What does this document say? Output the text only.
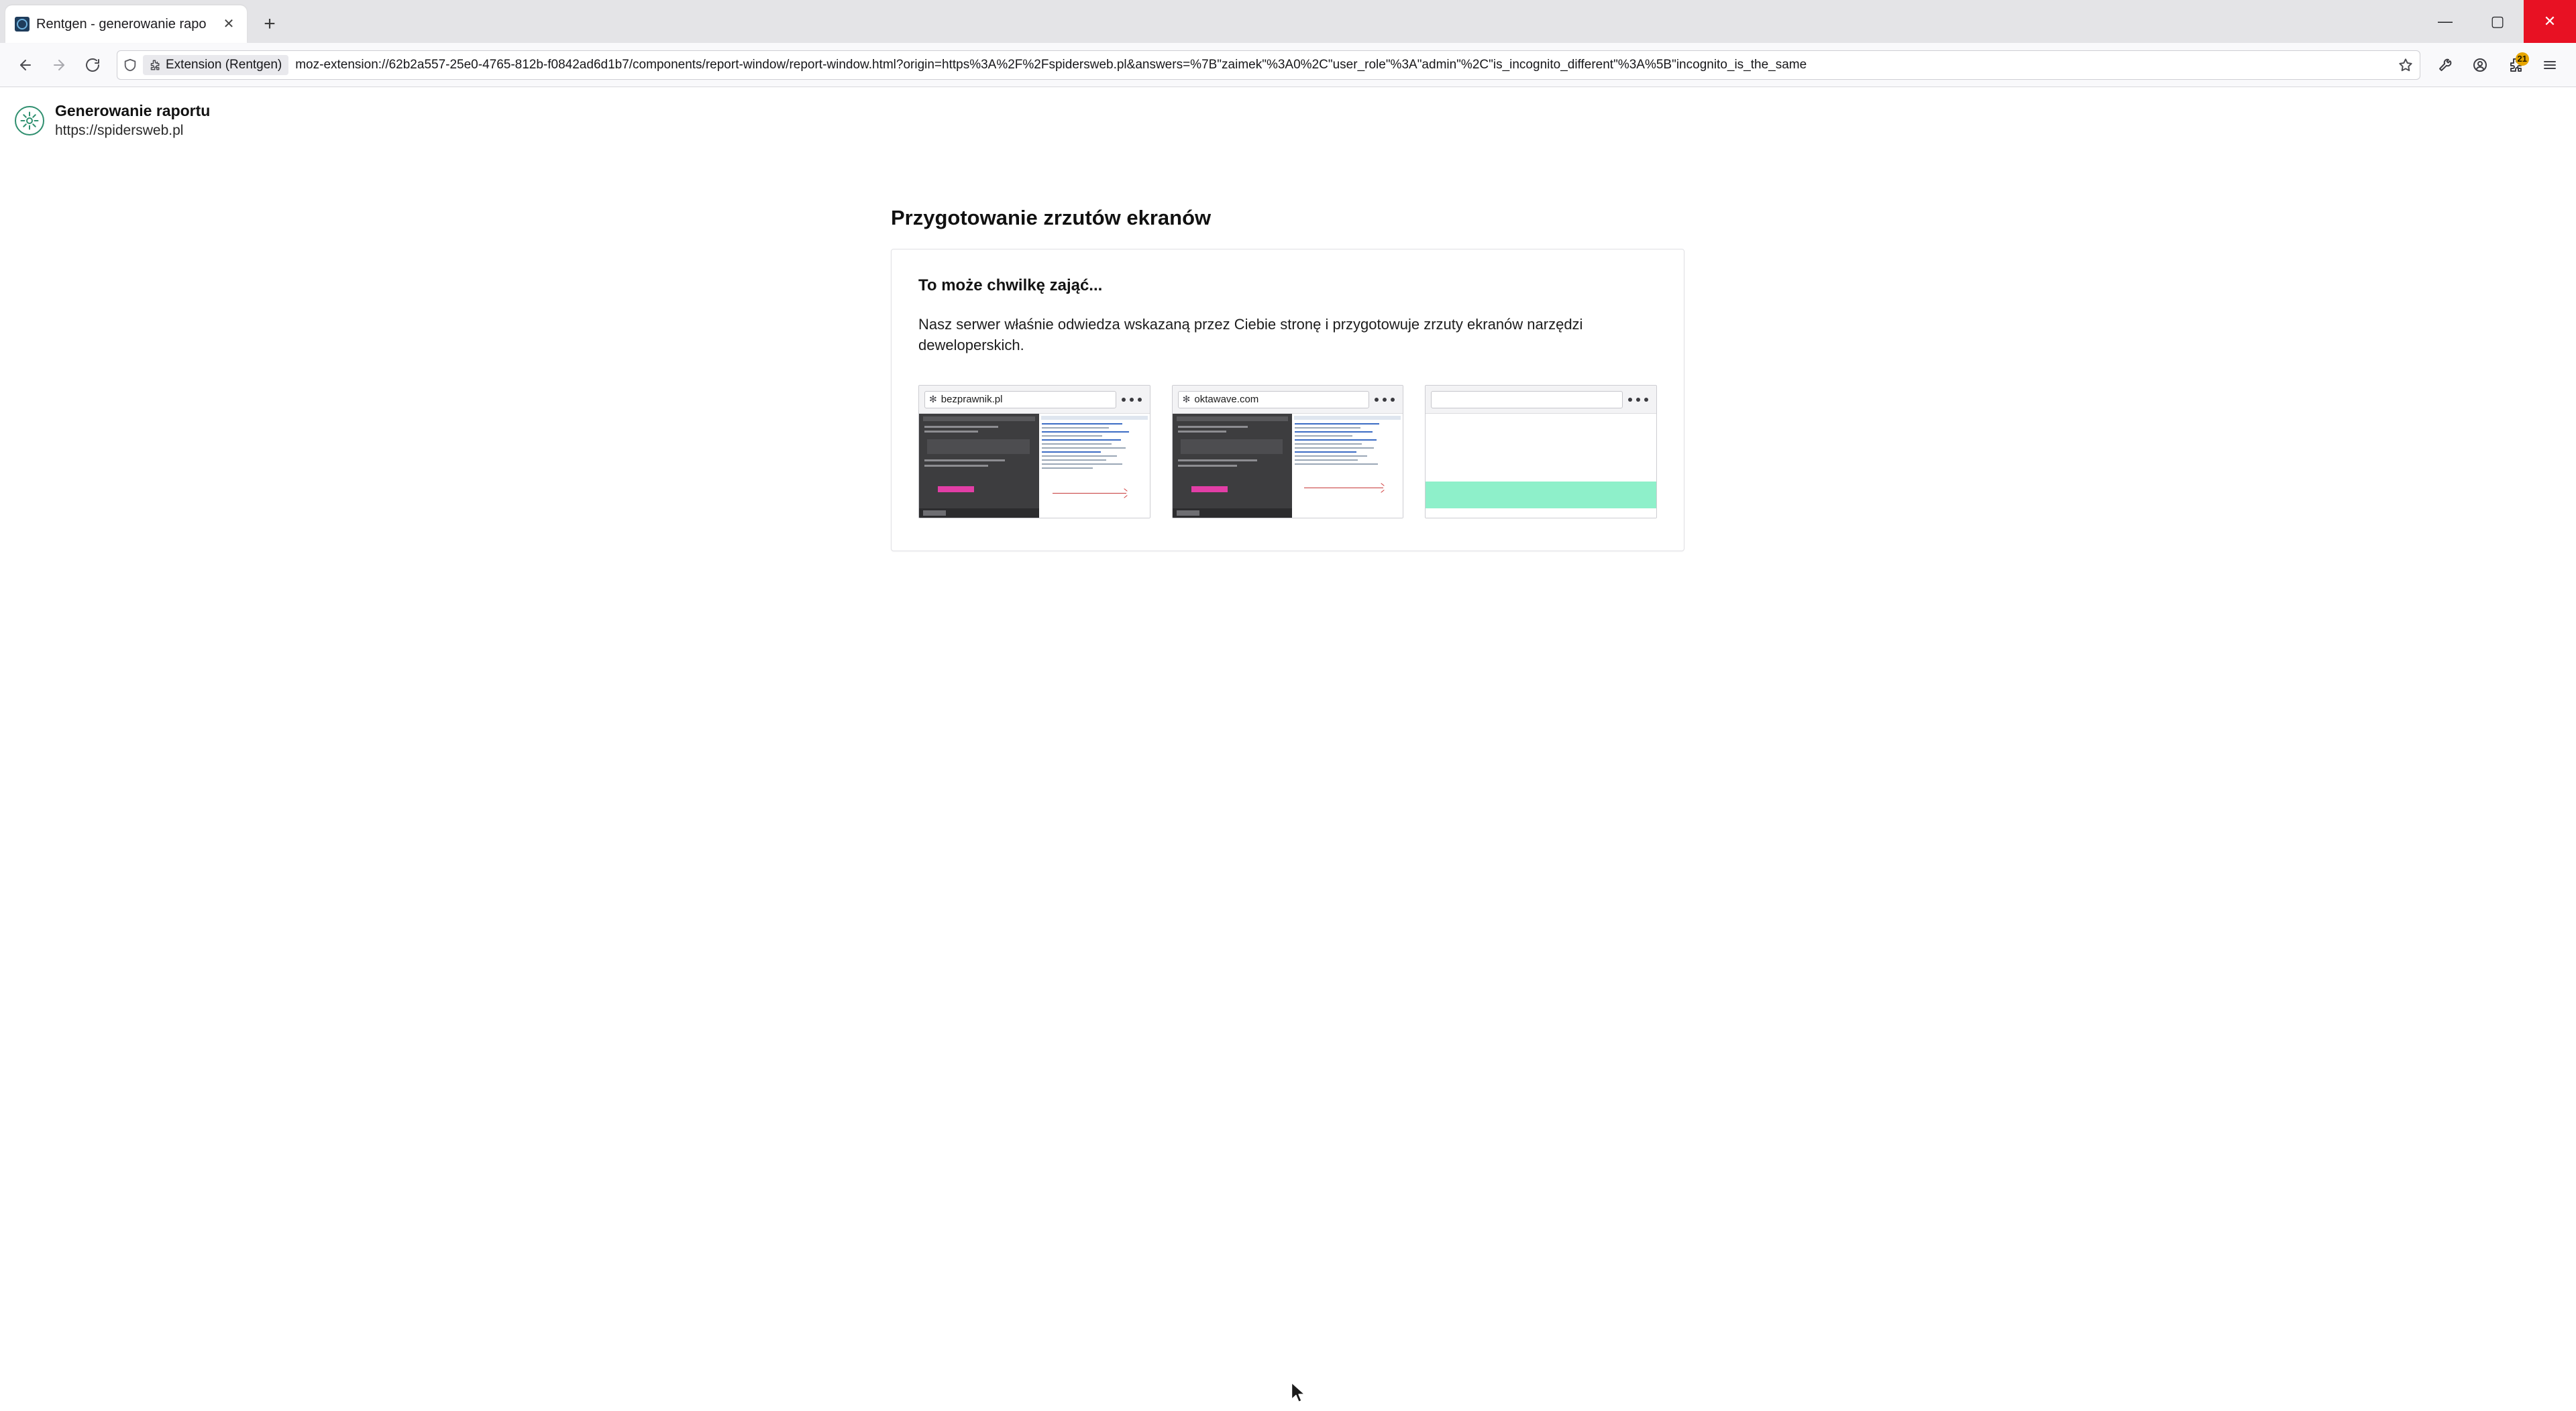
Rentgen - generowanie rapo	✕	+	—	▢	✕
Extension (Rentgen) moz-extension://62b2a557-25e0-4765-812b-f0842ad6d1b7/components/report-window/report-window.html?origin=https%3A%2F%2Fspidersweb.pl&answers=%7B"zaimek"%3A0%2C"user_role"%3A"admin"%2C"is_incognito_different"%3A%5B"incognito_is_the_same	21
Generowanie raportu
https://spidersweb.pl
Przygotowanie zrzutów ekranów
To może chwilkę zająć...
Nasz serwer właśnie odwiedza wskazaną przez Ciebie stronę i przygotowuje zrzuty ekranów narzędzi deweloperskich.
✻ bezprawnik.pl	✻ oktawave.com
